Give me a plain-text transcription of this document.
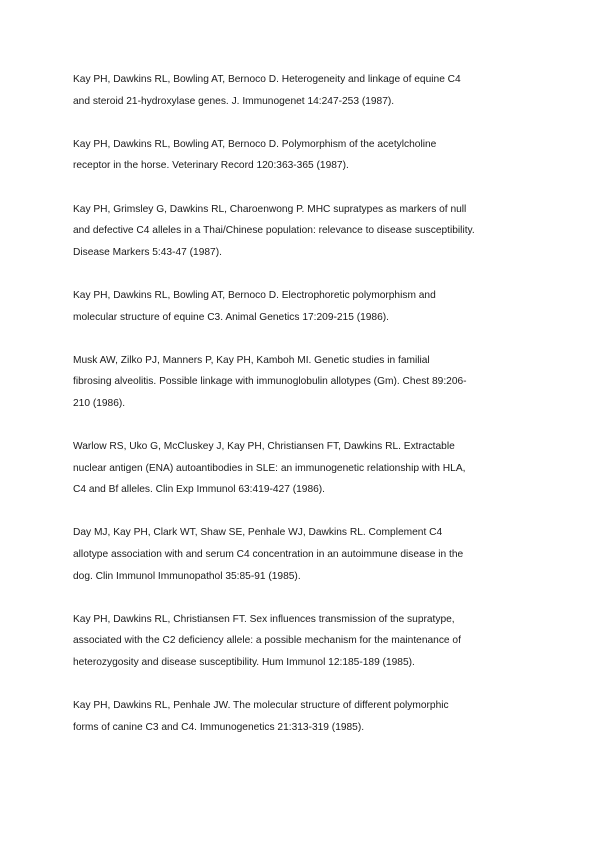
Kay PH, Dawkins RL, Bowling AT, Bernoco D. Heterogeneity and linkage of equine C4
and steroid 21-hydroxylase genes. J. Immunogenet 14:247-253 (1987).

Kay PH, Dawkins RL, Bowling AT, Bernoco D. Polymorphism of the acetylcholine
receptor in the horse. Veterinary Record 120:363-365 (1987).

Kay PH, Grimsley G, Dawkins RL, Charoenwong P. MHC supratypes as markers of null
and defective C4 alleles in a Thai/Chinese population: relevance to disease susceptibility.
Disease Markers 5:43-47 (1987).

Kay PH, Dawkins RL, Bowling AT, Bernoco D. Electrophoretic polymorphism and
molecular structure of equine C3. Animal Genetics 17:209-215 (1986).

Musk AW, Zilko PJ, Manners P, Kay PH, Kamboh MI. Genetic studies in familial
fibrosing alveolitis. Possible linkage with immunoglobulin allotypes (Gm). Chest 89:206-
210 (1986).

Warlow RS, Uko G, McCluskey J, Kay PH, Christiansen FT, Dawkins RL. Extractable
nuclear antigen (ENA) autoantibodies in SLE: an immunogenetic relationship with HLA,
C4 and Bf alleles. Clin Exp Immunol 63:419-427 (1986).

Day MJ, Kay PH, Clark WT, Shaw SE, Penhale WJ, Dawkins RL. Complement C4
allotype association with and serum C4 concentration in an autoimmune disease in the
dog. Clin Immunol Immunopathol 35:85-91 (1985).

Kay PH, Dawkins RL, Christiansen FT. Sex influences transmission of the supratype,
associated with the C2 deficiency allele: a possible mechanism for the maintenance of
heterozygosity and disease susceptibility. Hum Immunol 12:185-189 (1985).

Kay PH, Dawkins RL, Penhale JW. The molecular structure of different polymorphic
forms of canine C3 and C4. Immunogenetics 21:313-319 (1985).
